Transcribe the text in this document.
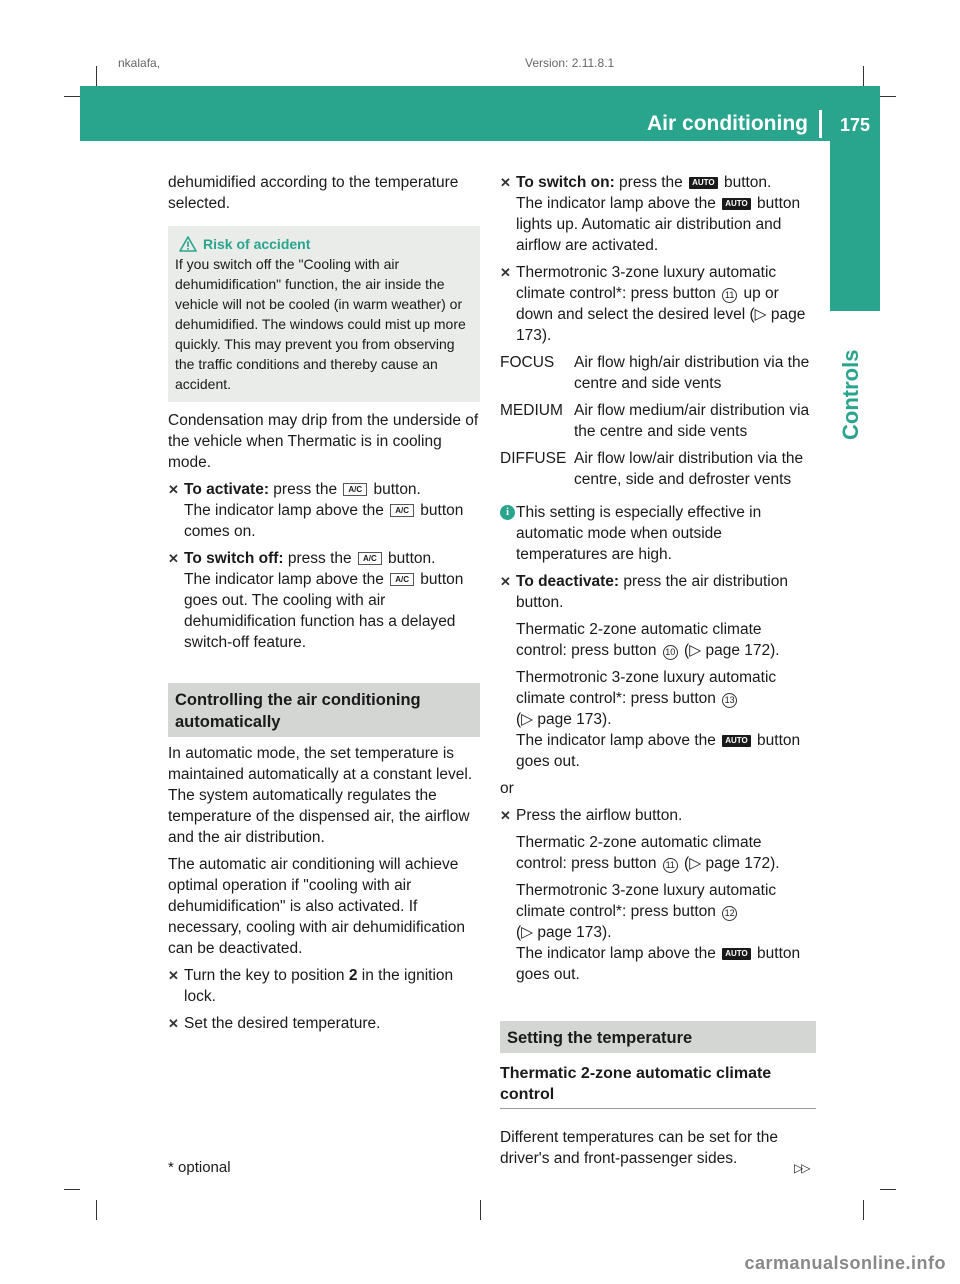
nkalafa,	Version: 2.11.8.1
Air conditioning 175
Controls

dehumidified according to the temperature selected.

Risk of accident

If you switch off the "Cooling with air dehumidification" function, the air inside the vehicle will not be cooled (in warm weather) or dehumidified. The windows could mist up more quickly. This may prevent you from observing the traffic conditions and thereby cause an accident.

Condensation may drip from the underside of the vehicle when Thermatic is in cooling mode.

✕ To activate: press the A/C button.
The indicator lamp above the A/C button comes on.
✕ To switch off: press the A/C button.
The indicator lamp above the A/C button goes out. The cooling with air dehumidification function has a delayed switch-off feature.
Controlling the air conditioning automatically

In automatic mode, the set temperature is maintained automatically at a constant level. The system automatically regulates the temperature of the dispensed air, the airflow and the air distribution.

The automatic air conditioning will achieve optimal operation if "cooling with air dehumidification" is also activated. If necessary, cooling with air dehumidification can be deactivated.

✕ Turn the key to position 2 in the ignition lock.
✕ Set the desired temperature.
✕ To switch on: press the AUTO button.
The indicator lamp above the AUTO button lights up. Automatic air distribution and airflow are activated.
✕ Thermotronic 3-zone luxury automatic climate control*: press button 11 up or down and select the desired level (▷ page 173).
FOCUS	Air flow high/air distribution via the centre and side vents
MEDIUM Air flow medium/air distribution via the centre and side vents
DIFFUSE Air flow low/air distribution via the centre, side and defroster vents
i This setting is especially effective in automatic mode when outside temperatures are high.
✕ To deactivate: press the air distribution button.
Thermatic 2-zone automatic climate control: press button 10 (▷ page 172).
Thermotronic 3-zone luxury automatic climate control*: press button 13
(▷ page 173).
The indicator lamp above the AUTO button goes out.

or

✕ Press the airflow button.
Thermatic 2-zone automatic climate control: press button 11 (▷ page 172).
Thermotronic 3-zone luxury automatic climate control*: press button 12
(▷ page 173).
The indicator lamp above the AUTO button goes out.
Setting the temperature
Thermatic 2-zone automatic climate control

Different temperatures can be set for the driver's and front-passenger sides.

* optional	▷▷
carmanualsonline.info
